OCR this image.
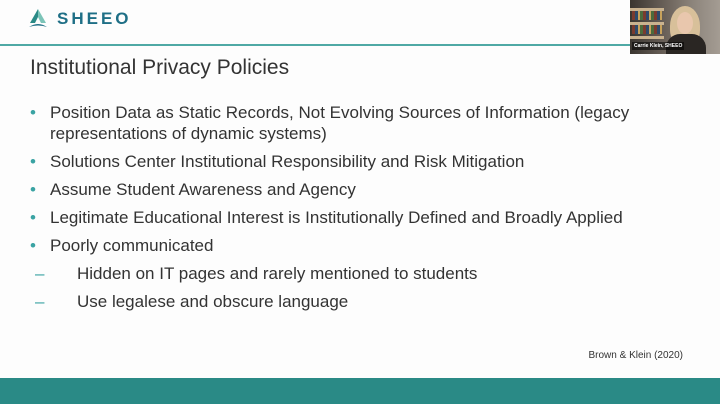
SHEEO
Carrie Klein, SHEEO
Institutional Privacy Policies
• Position Data as Static Records, Not Evolving Sources of Information (legacy representations of dynamic systems)
• Solutions Center Institutional Responsibility and Risk Mitigation
• Assume Student Awareness and Agency
• Legitimate Educational Interest is Institutionally Defined and Broadly Applied
• Poorly communicated
– Hidden on IT pages and rarely mentioned to students
– Use legalese and obscure language
Brown & Klein (2020)
